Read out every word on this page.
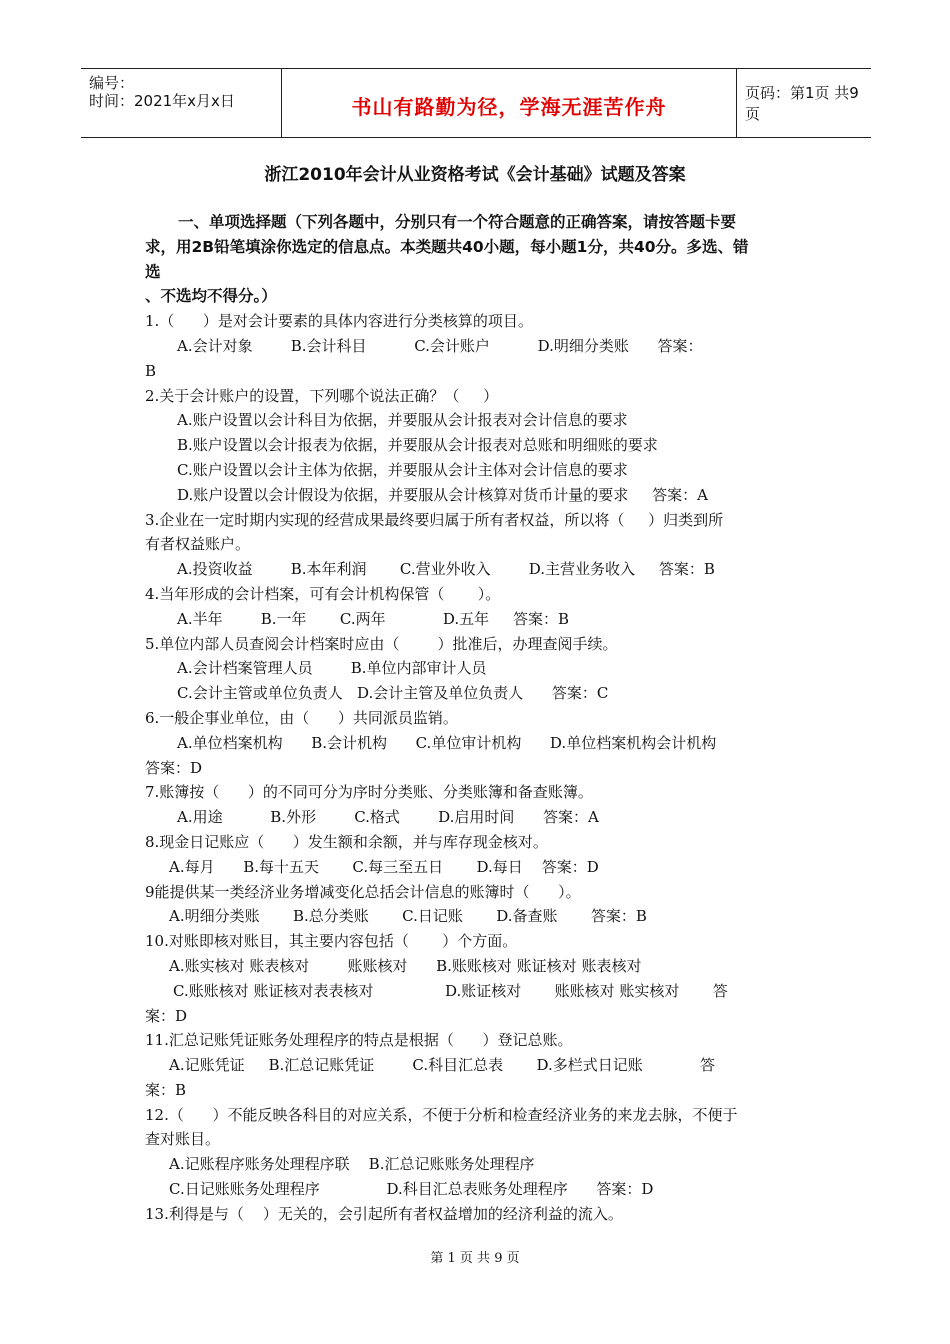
编号：
时间：2021年x月x日	书山有路勤为径，学海无涯苦作舟
页码：第1页 共9页
浙江2010年会计从业资格考试《会计基础》试题及答案
一、单项选择题（下列各题中，分别只有一个符合题意的正确答案，请按答题卡要
求，用2B铅笔填涂你选定的信息点。本类题共40小题，每小题1分，共40分。多选、错
选
、不选均不得分。）
1.（      ）是对会计要素的具体内容进行分类核算的项目。
A.会计对象        B.会计科目          C.会计账户          D.明细分类账      答案：
B
2.关于会计账户的设置，下列哪个说法正确？（     ）
A.账户设置以会计科目为依据，并要服从会计报表对会计信息的要求
B.账户设置以会计报表为依据，并要服从会计报表对总账和明细账的要求
C.账户设置以会计主体为依据，并要服从会计主体对会计信息的要求
D.账户设置以会计假设为依据，并要服从会计核算对货币计量的要求     答案：A
3.企业在一定时期内实现的经营成果最终要归属于所有者权益，所以将（     ）归类到所
有者权益账户。
A.投资收益        B.本年利润       C.营业外收入        D.主营业务收入     答案：B
4.当年形成的会计档案，可有会计机构保管（       ）。
A.半年        B.一年       C.两年            D.五年     答案：B
5.单位内部人员查阅会计档案时应由（        ）批准后，办理查阅手续。
A.会计档案管理人员        B.单位内部审计人员
C.会计主管或单位负责人   D.会计主管及单位负责人      答案：C
6.一般企事业单位，由（      ）共同派员监销。
A.单位档案机构      B.会计机构      C.单位审计机构      D.单位档案机构会计机构
答案：D
7.账簿按（      ）的不同可分为序时分类账、分类账簿和备查账簿。
A.用途          B.外形        C.格式        D.启用时间      答案：A
8.现金日记账应（      ）发生额和余额，并与库存现金核对。
A.每月      B.每十五天       C.每三至五日       D.每日    答案：D
9能提供某一类经济业务增减变化总括会计信息的账簿时（      ）。
A.明细分类账       B.总分类账       C.日记账       D.备查账       答案：B
10.对账即核对账目，其主要内容包括（       ）个方面。
A.账实核对 账表核对        账账核对      B.账账核对 账证核对 账表核对
C.账账核对 账证核对表表核对               D.账证核对       账账核对 账实核对       答
案：D
11.汇总记账凭证账务处理程序的特点是根据（      ）登记总账。
A.记账凭证     B.汇总记账凭证        C.科目汇总表       D.多栏式日记账            答
案：B
12.（      ）不能反映各科目的对应关系，不便于分析和检查经济业务的来龙去脉，不便于
查对账目。
A.记账程序账务处理程序联    B.汇总记账账务处理程序
C.日记账账务处理程序              D.科目汇总表账务处理程序      答案：D
13.利得是与（    ）无关的，会引起所有者权益增加的经济利益的流入。
第 1 页 共 9 页
